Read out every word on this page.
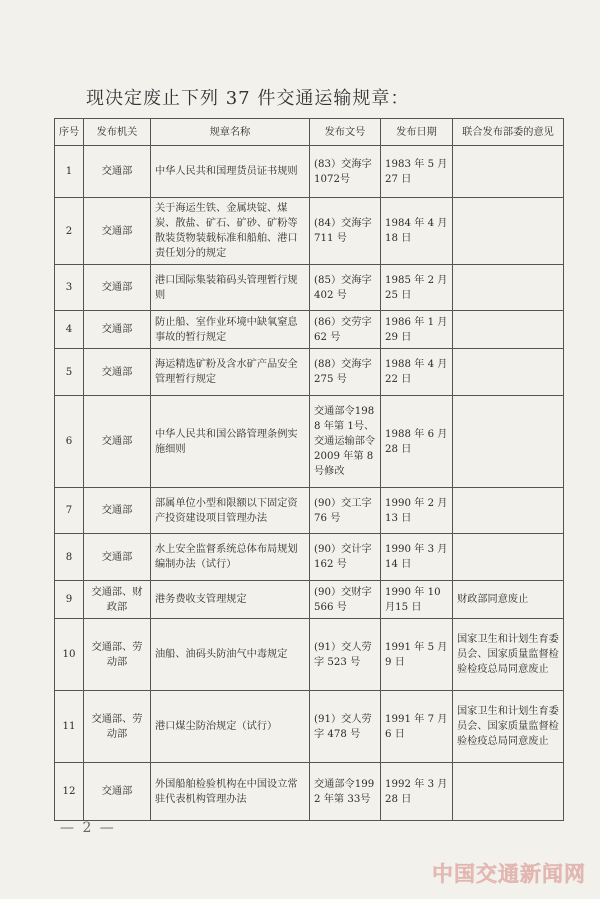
现决定废止下列 37 件交通运输规章：
序号	发布机关	规章名称	发布文号	发布日期	联合发布部委的意见
1	交通部	中华人民共和国理货员证书规则	(83）交海字1072号	1983 年 5 月27 日	
2	交通部	关于海运生铁、金属块锭、煤炭、散盐、矿石、矿砂、矿粉等散装货物装载标准和船舶、港口责任划分的规定	(84）交海字711 号	1984 年 4 月18 日	
3	交通部	港口国际集装箱码头管理暂行规则	(85）交海字402 号	1985 年 2 月25 日	
4	交通部	防止船、室作业环境中缺氧窒息事故的暂行规定	(86）交劳字62 号	1986 年 1 月29 日	
5	交通部	海运精选矿粉及含水矿产品安全管理暂行规定	(88）交海字275 号	1988 年 4 月22 日	
6	交通部	中华人民共和国公路管理条例实施细则	交通部令1988 年第 1号、交通运输部令 2009 年第 8 号修改	1988 年 6 月28 日	
7	交通部	部属单位小型和限额以下固定资产投资建设项目管理办法	(90）交工字76 号	1990 年 2 月13 日	
8	交通部	水上安全监督系统总体布局规划编制办法（试行）	(90）交计字162 号	1990 年 3 月14 日	
9	交通部、财政部	港务费收支管理规定	(90）交财字566 号	1990 年 10 月15 日	财政部同意废止
10	交通部、劳动部	油船、油码头防油气中毒规定	(91）交人劳字 523 号	1991 年 5 月9 日	国家卫生和计划生育委员会、国家质量监督检验检疫总局同意废止
11	交通部、劳动部	港口煤尘防治规定（试行）	(91）交人劳字 478 号	1991 年 7 月6 日	国家卫生和计划生育委员会、国家质量监督检验检疫总局同意废止
12	交通部	外国船舶检验机构在中国设立常驻代表机构管理办法	交通部令1992 年第 33号	1992 年 3 月28 日	
— 2 —
中国交通新闻网
